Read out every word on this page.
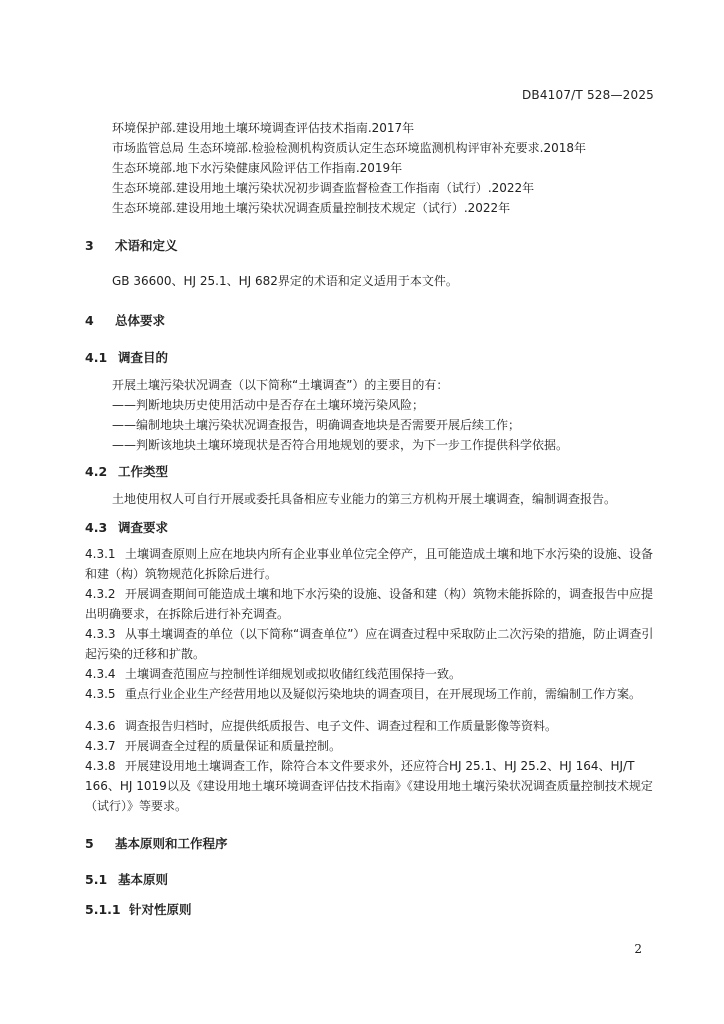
DB4107/T 528—2025
环境保护部.建设用地土壤环境调查评估技术指南.2017年
市场监管总局 生态环境部.检验检测机构资质认定生态环境监测机构评审补充要求.2018年
生态环境部.地下水污染健康风险评估工作指南.2019年
生态环境部.建设用地土壤污染状况初步调查监督检查工作指南（试行）.2022年
生态环境部.建设用地土壤污染状况调查质量控制技术规定（试行）.2022年
3 术语和定义
GB 36600、HJ 25.1、HJ 682界定的术语和定义适用于本文件。
4 总体要求
4.1 调查目的
开展土壤污染状况调查（以下简称“土壤调查”）的主要目的有：
——判断地块历史使用活动中是否存在土壤环境污染风险；
——编制地块土壤污染状况调查报告，明确调查地块是否需要开展后续工作；
——判断该地块土壤环境现状是否符合用地规划的要求，为下一步工作提供科学依据。
4.2 工作类型
土地使用权人可自行开展或委托具备相应专业能力的第三方机构开展土壤调查，编制调查报告。
4.3 调查要求
4.3.1 土壤调查原则上应在地块内所有企业事业单位完全停产，且可能造成土壤和地下水污染的设施、设备和建（构）筑物规范化拆除后进行。
4.3.2 开展调查期间可能造成土壤和地下水污染的设施、设备和建（构）筑物未能拆除的，调查报告中应提出明确要求，在拆除后进行补充调查。
4.3.3 从事土壤调查的单位（以下简称“调查单位”）应在调查过程中采取防止二次污染的措施，防止调查引起污染的迁移和扩散。
4.3.4 土壤调查范围应与控制性详细规划或拟收储红线范围保持一致。
4.3.5 重点行业企业生产经营用地以及疑似污染地块的调查项目，在开展现场工作前，需编制工作方案。
4.3.6 调查报告归档时，应提供纸质报告、电子文件、调查过程和工作质量影像等资料。
4.3.7 开展调查全过程的质量保证和质量控制。
4.3.8 开展建设用地土壤调查工作，除符合本文件要求外，还应符合HJ 25.1、HJ 25.2、HJ 164、HJ/T 166、HJ 1019以及《建设用地土壤环境调查评估技术指南》《建设用地土壤污染状况调查质量控制技术规定（试行）》等要求。
5 基本原则和工作程序
5.1 基本原则
5.1.1 针对性原则
2
